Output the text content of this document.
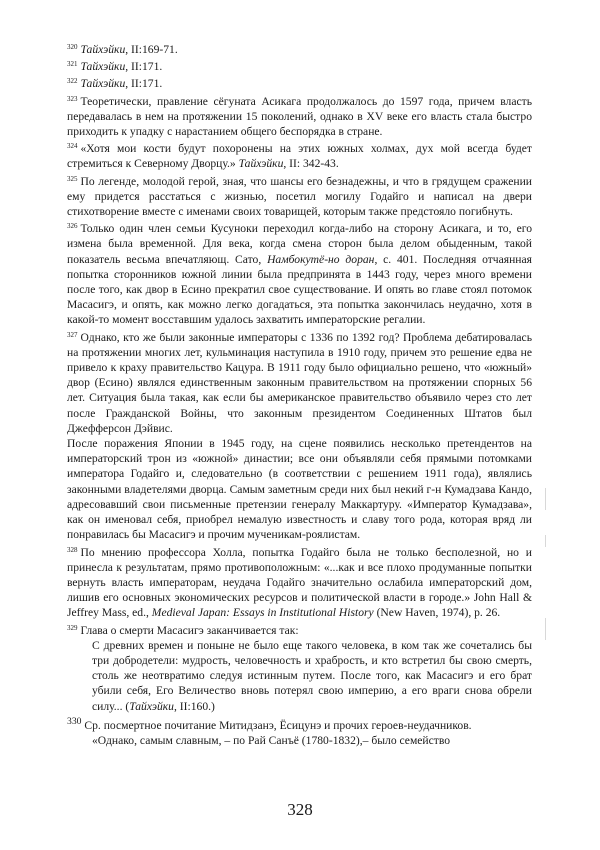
$^{320}$ Тайхэйки, II:169-71.

$^{321}$ Тайхэйки, II:171.

$^{322}$ Тайхэйки, II:171.

$^{323}$ Теоретически, правление сёгуната Асикага продолжалось до 1597 года, причем власть передавалась в нем на протяжении 15 поколений, однако в XV веке его власть стала быстро приходить к упадку с нарастанием общего беспорядка в стране.

$^{324}$ «Хотя мои кости будут похоронены на этих южных холмах, дух мой всегда будет стремиться к Северному Дворцу.» Тайхэйки, II: 342-43.

$^{325}$ По легенде, молодой герой, зная, что шансы его безнадежны, и что в грядущем сражении ему придется расстаться с жизнью, посетил могилу Годайго и написал на двери стихотворение вместе с именами своих товарищей, которым также предстояло погибнуть.

$^{326}$ Только один член семьи Кусуноки переходил когда-либо на сторону Асикага, и то, его измена была временной. Для века, когда смена сторон была делом обыденным, такой показатель весьма впечатляющ. Сато, Намбокутё-но доран, с. 401. Последняя отчаянная попытка сторонников южной линии была предпринята в 1443 году, через много времени после того, как двор в Есино прекратил свое существование. И опять во главе стоял потомок Масасигэ, и опять, как можно легко догадаться, эта попытка закончилась неудачно, хотя в какой-то момент восставшим удалось захватить императорские регалии.

$^{327}$ Однако, кто же были законные императоры с 1336 по 1392 год? Проблема дебатировалась на протяжении многих лет, кульминация наступила в 1910 году, причем это решение едва не привело к краху правительство Кацура. В 1911 году было официально решено, что «южный» двор (Есино) являлся единственным законным правительством на протяжении спорных 56 лет. Ситуация была такая, как если бы американское правительство объявило через сто лет после Гражданской Войны, что законным президентом Соединенных Штатов был Джефферсон Дэйвис.

После поражения Японии в 1945 году, на сцене появились несколько претендентов на императорский трон из «южной» династии; все они объявляли себя прямыми потомками императора Годайго и, следовательно (в соответствии с решением 1911 года), являлись законными владетелями дворца. Самым заметным среди них был некий г-н Кумадзава Кандо, адресовавший свои письменные претензии генералу Маккартуру. «Император Кумадзава», как он именовал себя, приобрел немалую известность и славу того рода, которая вряд ли понравилась бы Масасигэ и прочим мученикам-роялистам.

$^{328}$ По мнению профессора Холла, попытка Годайго была не только бесполезной, но и принесла к результатам, прямо противоположным: «...как и все плохо продуманные попытки вернуть власть императорам, неудача Годайго значительно ослабила императорский дом, лишив его основных экономических ресурсов и политической власти в городе.» John Hall & Jeffrey Mass, ed., Medieval Japan: Essays in Institutional History (New Haven, 1974), p. 26.

$^{329}$ Глава о смерти Масасигэ заканчивается так:

С древних времен и поныне не было еще такого человека, в ком так же сочетались бы три добродетели: мудрость, человечность и храбрость, и кто встретил бы свою смерть, столь же неотвратимо следуя истинным путем. После того, как Масасигэ и его брат убили себя, Его Величество вновь потерял свою империю, а его враги снова обрели силу... (Тайхэйки, II:160.)

$^{330}$ Ср. посмертное почитание Митидзанэ, Ёсицунэ и прочих героев-неудачников.
«Однако, самым славным, – по Рай Санъё (1780-1832),– было семейство

328
